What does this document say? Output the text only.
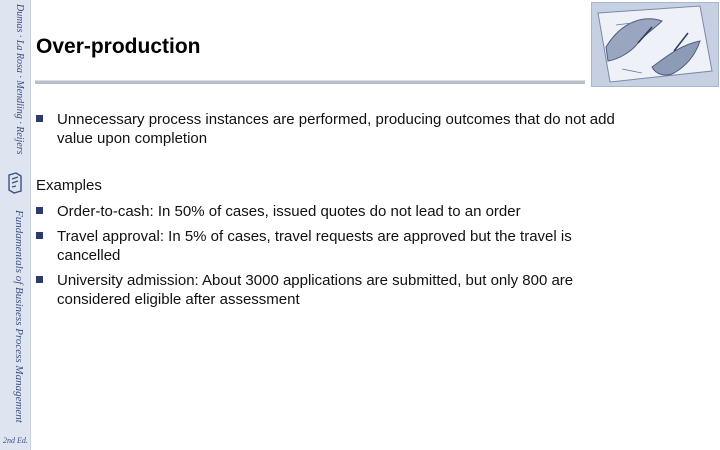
Dumas · La Rosa · Mendling · Reijers
Fundamentals of Business Process Management
2nd Ed.
Over-production
Unnecessary process instances are performed, producing outcomes that do not add value upon completion
Examples
Order-to-cash: In 50% of cases, issued quotes do not lead to an order
Travel approval: In 5% of cases, travel requests are approved but the travel is cancelled
University admission: About 3000 applications are submitted, but only 800 are considered eligible after assessment
